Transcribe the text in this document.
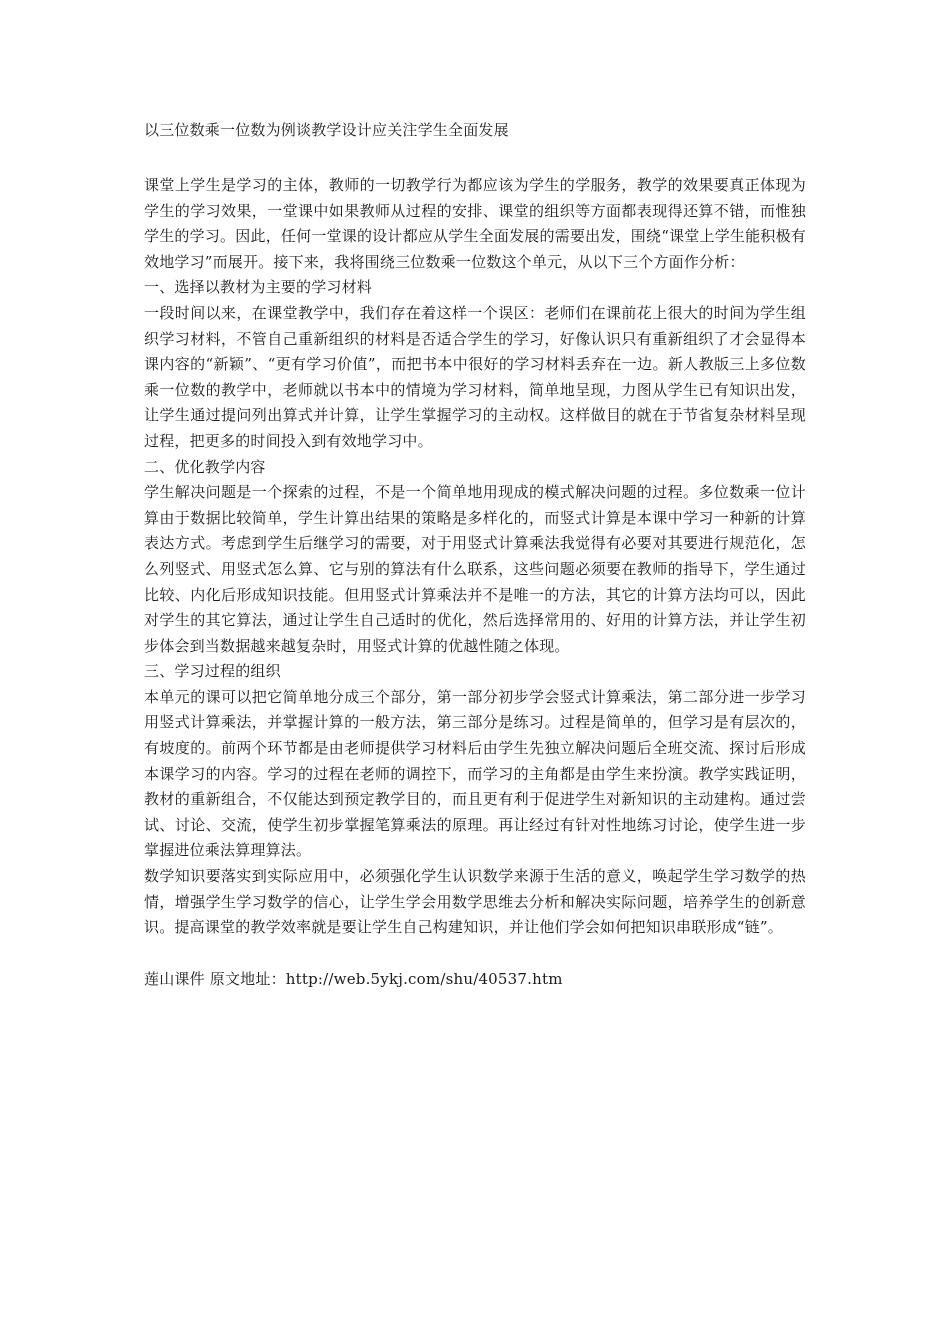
以三位数乘一位数为例谈教学设计应关注学生全面发展

课堂上学生是学习的主体，教师的一切教学行为都应该为学生的学服务，教学的效果要真正体现为学生的学习效果，一堂课中如果教师从过程的安排、课堂的组织等方面都表现得还算不错，而惟独学生的学习。因此，任何一堂课的设计都应从学生全面发展的需要出发，围绕“课堂上学生能积极有效地学习”而展开。接下来，我将围绕三位数乘一位数这个单元，从以下三个方面作分析：

一、选择以教材为主要的学习材料

一段时间以来，在课堂教学中，我们存在着这样一个误区：老师们在课前花上很大的时间为学生组织学习材料，不管自己重新组织的材料是否适合学生的学习，好像认识只有重新组织了才会显得本课内容的“新颖”、“更有学习价值”，而把书本中很好的学习材料丢弃在一边。新人教版三上多位数乘一位数的教学中，老师就以书本中的情境为学习材料，简单地呈现，力图从学生已有知识出发，让学生通过提问列出算式并计算，让学生掌握学习的主动权。这样做目的就在于节省复杂材料呈现过程，把更多的时间投入到有效地学习中。

二、优化教学内容

学生解决问题是一个探索的过程，不是一个简单地用现成的模式解决问题的过程。多位数乘一位计算由于数据比较简单，学生计算出结果的策略是多样化的，而竖式计算是本课中学习一种新的计算表达方式。考虑到学生后继学习的需要，对于用竖式计算乘法我觉得有必要对其要进行规范化，怎么列竖式、用竖式怎么算、它与别的算法有什么联系，这些问题必须要在教师的指导下，学生通过比较、内化后形成知识技能。但用竖式计算乘法并不是唯一的方法，其它的计算方法均可以，因此对学生的其它算法，通过让学生自己适时的优化，然后选择常用的、好用的计算方法，并让学生初步体会到当数据越来越复杂时，用竖式计算的优越性随之体现。

三、学习过程的组织

本单元的课可以把它简单地分成三个部分，第一部分初步学会竖式计算乘法，第二部分进一步学习用竖式计算乘法，并掌握计算的一般方法，第三部分是练习。过程是简单的，但学习是有层次的，有坡度的。前两个环节都是由老师提供学习材料后由学生先独立解决问题后全班交流、探讨后形成本课学习的内容。学习的过程在老师的调控下，而学习的主角都是由学生来扮演。教学实践证明，教材的重新组合，不仅能达到预定教学目的，而且更有利于促进学生对新知识的主动建构。通过尝试、讨论、交流，使学生初步掌握笔算乘法的原理。再让经过有针对性地练习讨论，使学生进一步掌握进位乘法算理算法。

数学知识要落实到实际应用中，必须强化学生认识数学来源于生活的意义，唤起学生学习数学的热情，增强学生学习数学的信心，让学生学会用数学思维去分析和解决实际问题，培养学生的创新意识。提高课堂的教学效率就是要让学生自己构建知识，并让他们学会如何把知识串联形成“链”。

莲山课件 原文地址：http://web.5ykj.com/shu/40537.htm
